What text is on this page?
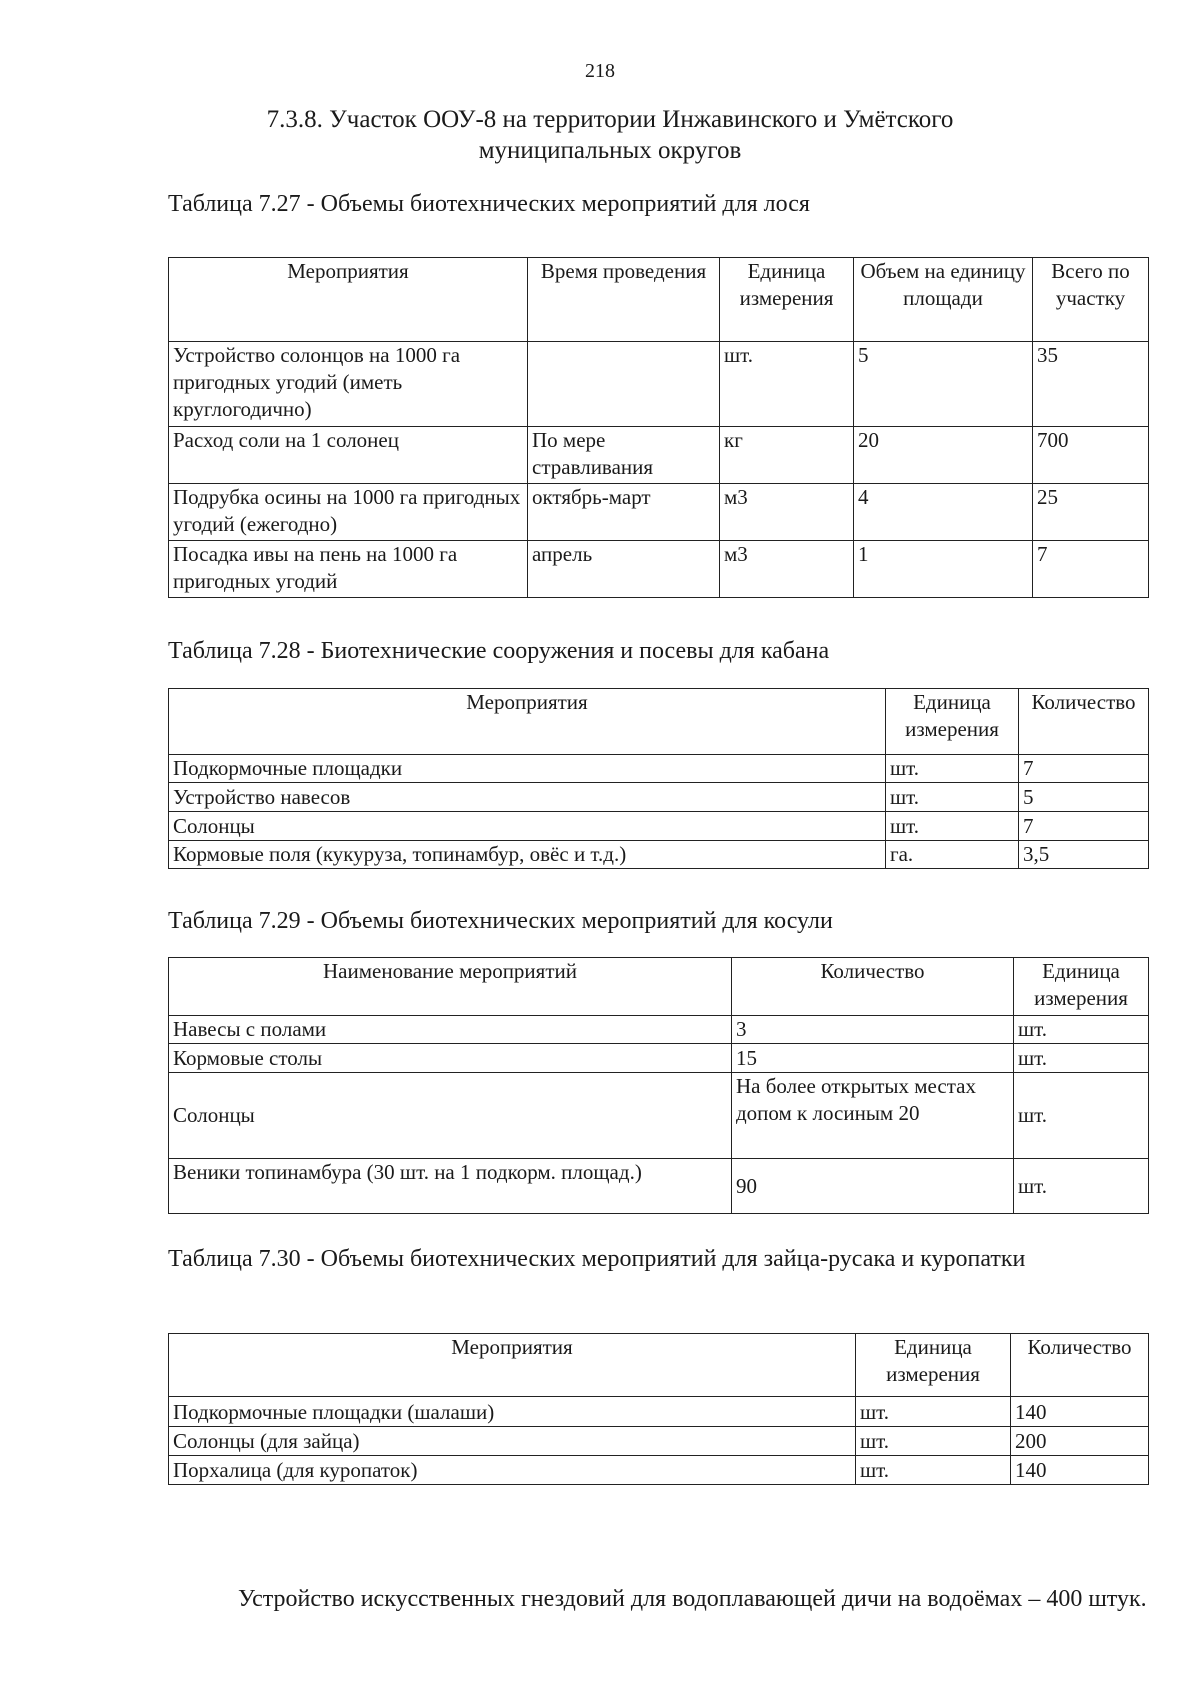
218
7.3.8. Участок ООУ-8 на территории Инжавинского и Умётского
муниципальных округов
Таблица 7.27 - Объемы биотехнических мероприятий для лося
Мероприятия	Время проведения	Единица измерения	Объем на единицу площади	Всего по участку
Устройство солонцов на 1000 га пригодных угодий (иметь круглогодично)		шт.	5	35
Расход соли на 1 солонец	По мере стравливания	кг	20	700
Подрубка осины на 1000 га пригодных угодий (ежегодно)	октябрь-март	м3	4	25
Посадка ивы на пень на 1000 га пригодных угодий	апрель	м3	1	7
Таблица 7.28 - Биотехнические сооружения и посевы для кабана
Мероприятия	Единица измерения	Количество
Подкормочные площадки	шт.	7
Устройство навесов	шт.	5
Солонцы	шт.	7
Кормовые поля (кукуруза, топинамбур, овёс и т.д.)	га.	3,5
Таблица 7.29 - Объемы биотехнических мероприятий для косули
Наименование мероприятий	Количество	Единица измерения
Навесы с полами	3	шт.
Кормовые столы	15	шт.
Солонцы	На более открытых местах допом к лосиным 20	шт.
Веники топинамбура (30 шт. на 1 подкорм. площад.)	90	шт.
Таблица 7.30 - Объемы биотехнических мероприятий для зайца-русака и куропатки
Мероприятия	Единица измерения	Количество
Подкормочные площадки (шалаши)	шт.	140
Солонцы (для зайца)	шт.	200
Порхалица (для куропаток)	шт.	140
Устройство искусственных гнездовий для водоплавающей дичи на водоёмах – 400 штук.
